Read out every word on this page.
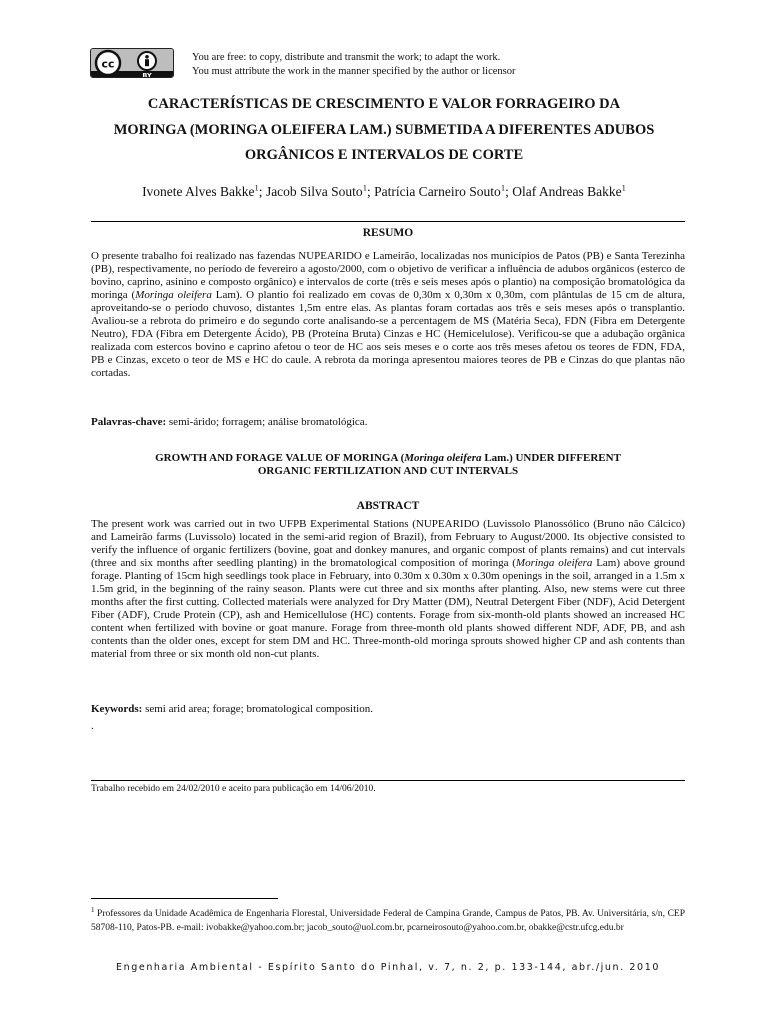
cc
BY
You are free: to copy, distribute and transmit the work; to adapt the work.
You must attribute the work in the manner specified by the author or licensor
CARACTERÍSTICAS DE CRESCIMENTO E VALOR FORRAGEIRO DA
MORINGA (MORINGA OLEIFERA LAM.) SUBMETIDA A DIFERENTES ADUBOS
ORGÂNICOS E INTERVALOS DE CORTE
Ivonete Alves Bakke$^1$; Jacob Silva Souto$^1$; Patrícia Carneiro Souto$^1$; Olaf Andreas Bakke$^1$
RESUMO
O presente trabalho foi realizado nas fazendas NUPEARIDO e Lameirão, localizadas nos municípios de Patos (PB) e Santa Terezinha (PB), respectivamente, no período de fevereiro a agosto/2000, com o objetivo de verificar a influência de adubos orgânicos (esterco de bovino, caprino, asinino e composto orgânico) e intervalos de corte (três e seis meses após o plantio) na composição bromatológica da moringa (Moringa oleifera Lam). O plantio foi realizado em covas de 0,30m x 0,30m x 0,30m, com plântulas de 15 cm de altura, aproveitando-se o período chuvoso, distantes 1,5m entre elas. As plantas foram cortadas aos três e seis meses após o transplantio. Avaliou-se a rebrota do primeiro e do segundo corte analisando-se a percentagem de MS (Matéria Seca), FDN (Fibra em Detergente Neutro), FDA (Fibra em Detergente Ácido), PB (Proteína Bruta) Cinzas e HC (Hemicelulose). Verificou-se que a adubação orgânica realizada com estercos bovino e caprino afetou o teor de HC aos seis meses e o corte aos três meses afetou os teores de FDN, FDA, PB e Cinzas, exceto o teor de MS e HC do caule. A rebrota da moringa apresentou maiores teores de PB e Cinzas do que plantas não cortadas.
Palavras-chave: semi-árido; forragem; análise bromatológica.
GROWTH AND FORAGE VALUE OF MORINGA (Moringa oleifera Lam.) UNDER DIFFERENT
ORGANIC FERTILIZATION AND CUT INTERVALS
ABSTRACT
The present work was carried out in two UFPB Experimental Stations (NUPEARIDO (Luvissolo Planossólico (Bruno não Cálcico) and Lameirão farms (Luvissolo) located in the semi-arid region of Brazil), from February to August/2000. Its objective consisted to verify the influence of organic fertilizers (bovine, goat and donkey manures, and organic compost of plants remains) and cut intervals (three and six months after seedling planting) in the bromatological composition of moringa (Moringa oleifera Lam) above ground forage. Planting of 15cm high seedlings took place in February, into 0.30m x 0.30m x 0.30m openings in the soil, arranged in a 1.5m x 1.5m grid, in the beginning of the rainy season. Plants were cut three and six months after planting. Also, new stems were cut three months after the first cutting. Collected materials were analyzed for Dry Matter (DM), Neutral Detergent Fiber (NDF), Acid Detergent Fiber (ADF), Crude Protein (CP), ash and Hemicellulose (HC) contents. Forage from six-month-old plants showed an increased HC content when fertilized with bovine or goat manure. Forage from three-month old plants showed different NDF, ADF, PB, and ash contents than the older ones, except for stem DM and HC. Three-month-old moringa sprouts showed higher CP and ash contents than material from three or six month old non-cut plants.
Keywords: semi arid area; forage; bromatological composition.
.
Trabalho recebido em 24/02/2010 e aceito para publicação em 14/06/2010.
$^1$ Professores da Unidade Acadêmica de Engenharia Florestal, Universidade Federal de Campina Grande, Campus de Patos, PB. Av. Universitária, s/n, CEP 58708-110, Patos-PB. e-mail: ivobakke@yahoo.com.br; jacob_souto@uol.com.br, pcarneirosouto@yahoo.com.br, obakke@cstr.ufcg.edu.br
Engenharia Ambiental - Espírito Santo do Pinhal, v. 7, n. 2, p. 133-144, abr./jun. 2010
